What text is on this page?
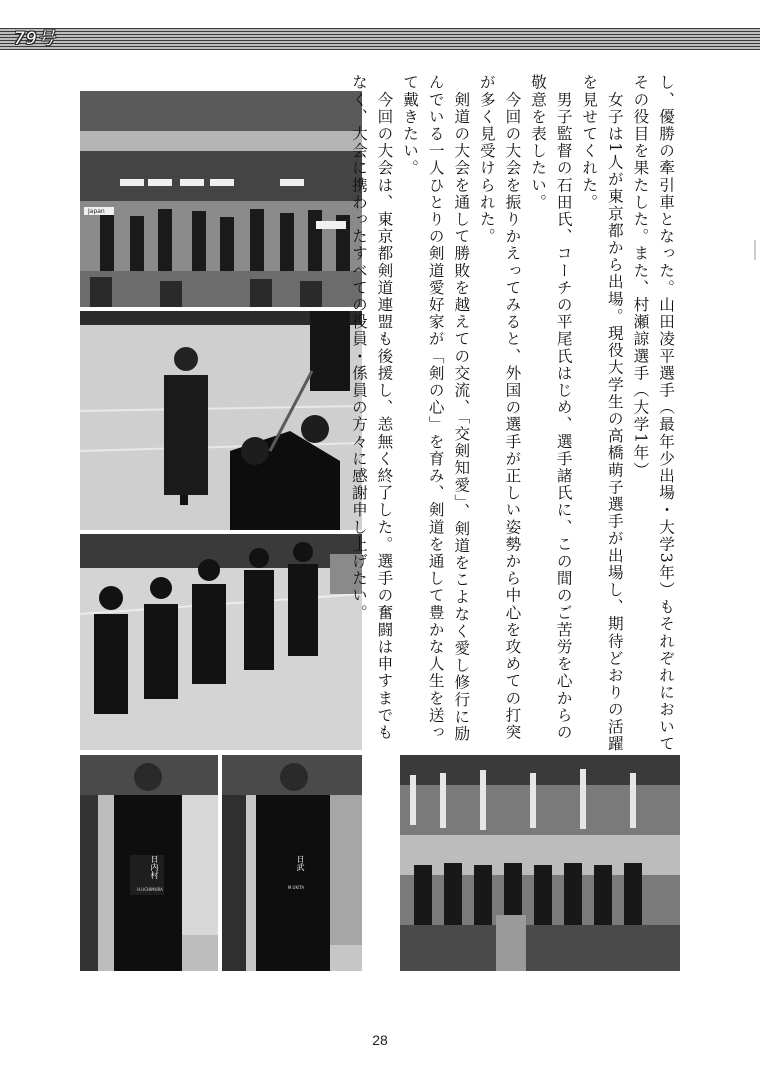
79号
Japan
日内村
H.UCHIMURA
日武
M.UKITA

し、優勝の牽引車となった。山田凌平選手（最年少出場・大学3年）もそれぞれにおいてその役目を果たした。また、村瀬諒選手（大学1年）

　女子は1人が東京都から出場。現役大学生の高橋萌子選手が出場し、期待どおりの活躍を見せてくれた。

　男子監督の石田氏、コーチの平尾氏はじめ、選手諸氏に、この間のご苦労を心からの敬意を表したい。

　今回の大会を振りかえってみると、外国の選手が正しい姿勢から中心を攻めての打突が多く見受けられた。

　剣道の大会を通して勝敗を越えての交流、「交剣知愛」、剣道をこよなく愛し修行に励んでいる一人ひとりの剣道愛好家が「剣の心」を育み、剣道を通して豊かな人生を送って戴きたい。

　今回の大会は、東京都剣道連盟も後援し、恙無く終了した。選手の奮闘は申すまでもなく、大会に携わったすべての役員・係員の方々に感謝申し上げたい。

28
